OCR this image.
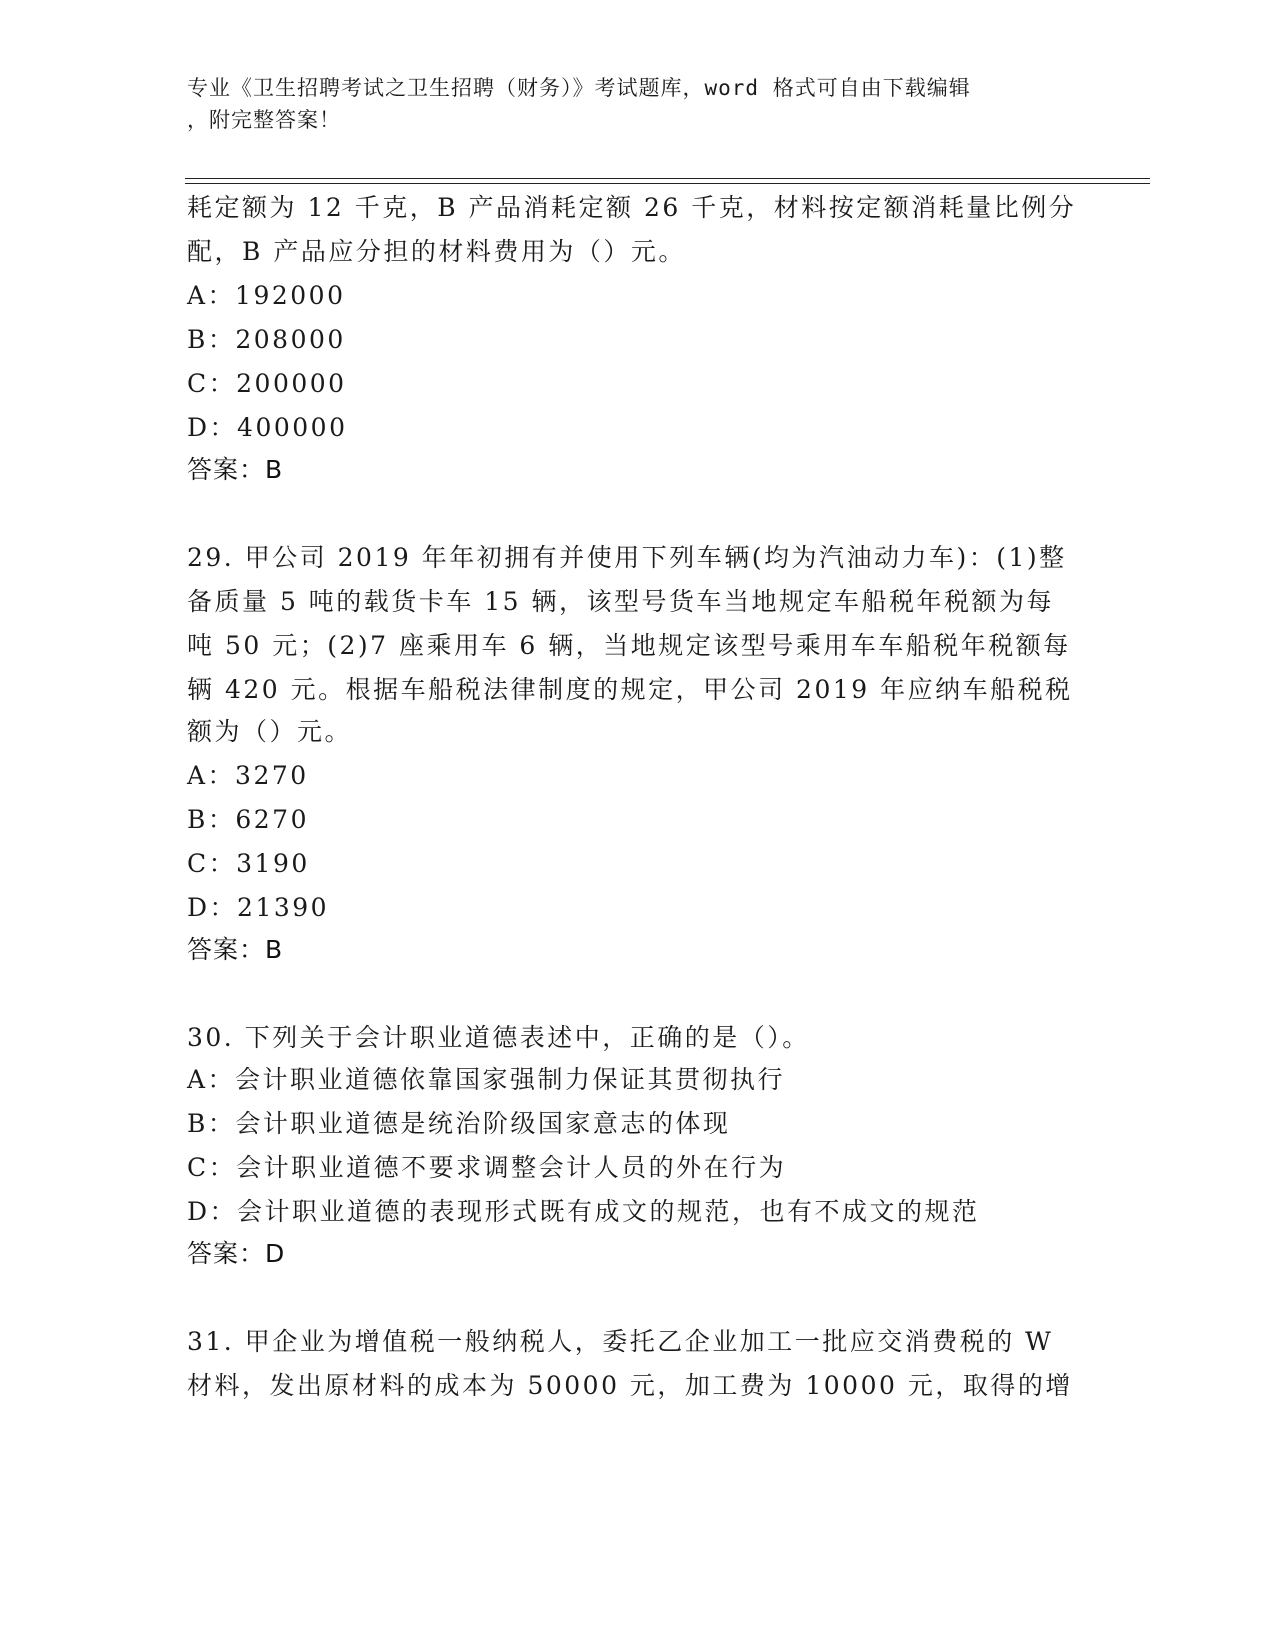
专业《卫生招聘考试之卫生招聘（财务）》考试题库，word 格式可自由下载编辑
，附完整答案！
耗定额为 12 千克，B 产品消耗定额 26 千克，材料按定额消耗量比例分
配，B 产品应分担的材料费用为（）元。
A：192000
B：208000
C：200000
D：400000
答案：B
29. 甲公司 2019 年年初拥有并使用下列车辆(均为汽油动力车)：(1)整
备质量 5 吨的载货卡车 15 辆，该型号货车当地规定车船税年税额为每
吨 50 元；(2)7 座乘用车 6 辆，当地规定该型号乘用车车船税年税额每
辆 420 元。根据车船税法律制度的规定，甲公司 2019 年应纳车船税税
额为（）元。
A：3270
B：6270
C：3190
D：21390
答案：B
30. 下列关于会计职业道德表述中，正确的是（）。
A：会计职业道德依靠国家强制力保证其贯彻执行
B：会计职业道德是统治阶级国家意志的体现
C：会计职业道德不要求调整会计人员的外在行为
D：会计职业道德的表现形式既有成文的规范，也有不成文的规范
答案：D
31. 甲企业为增值税一般纳税人，委托乙企业加工一批应交消费税的 W
材料，发出原材料的成本为 50000 元，加工费为 10000 元，取得的增
